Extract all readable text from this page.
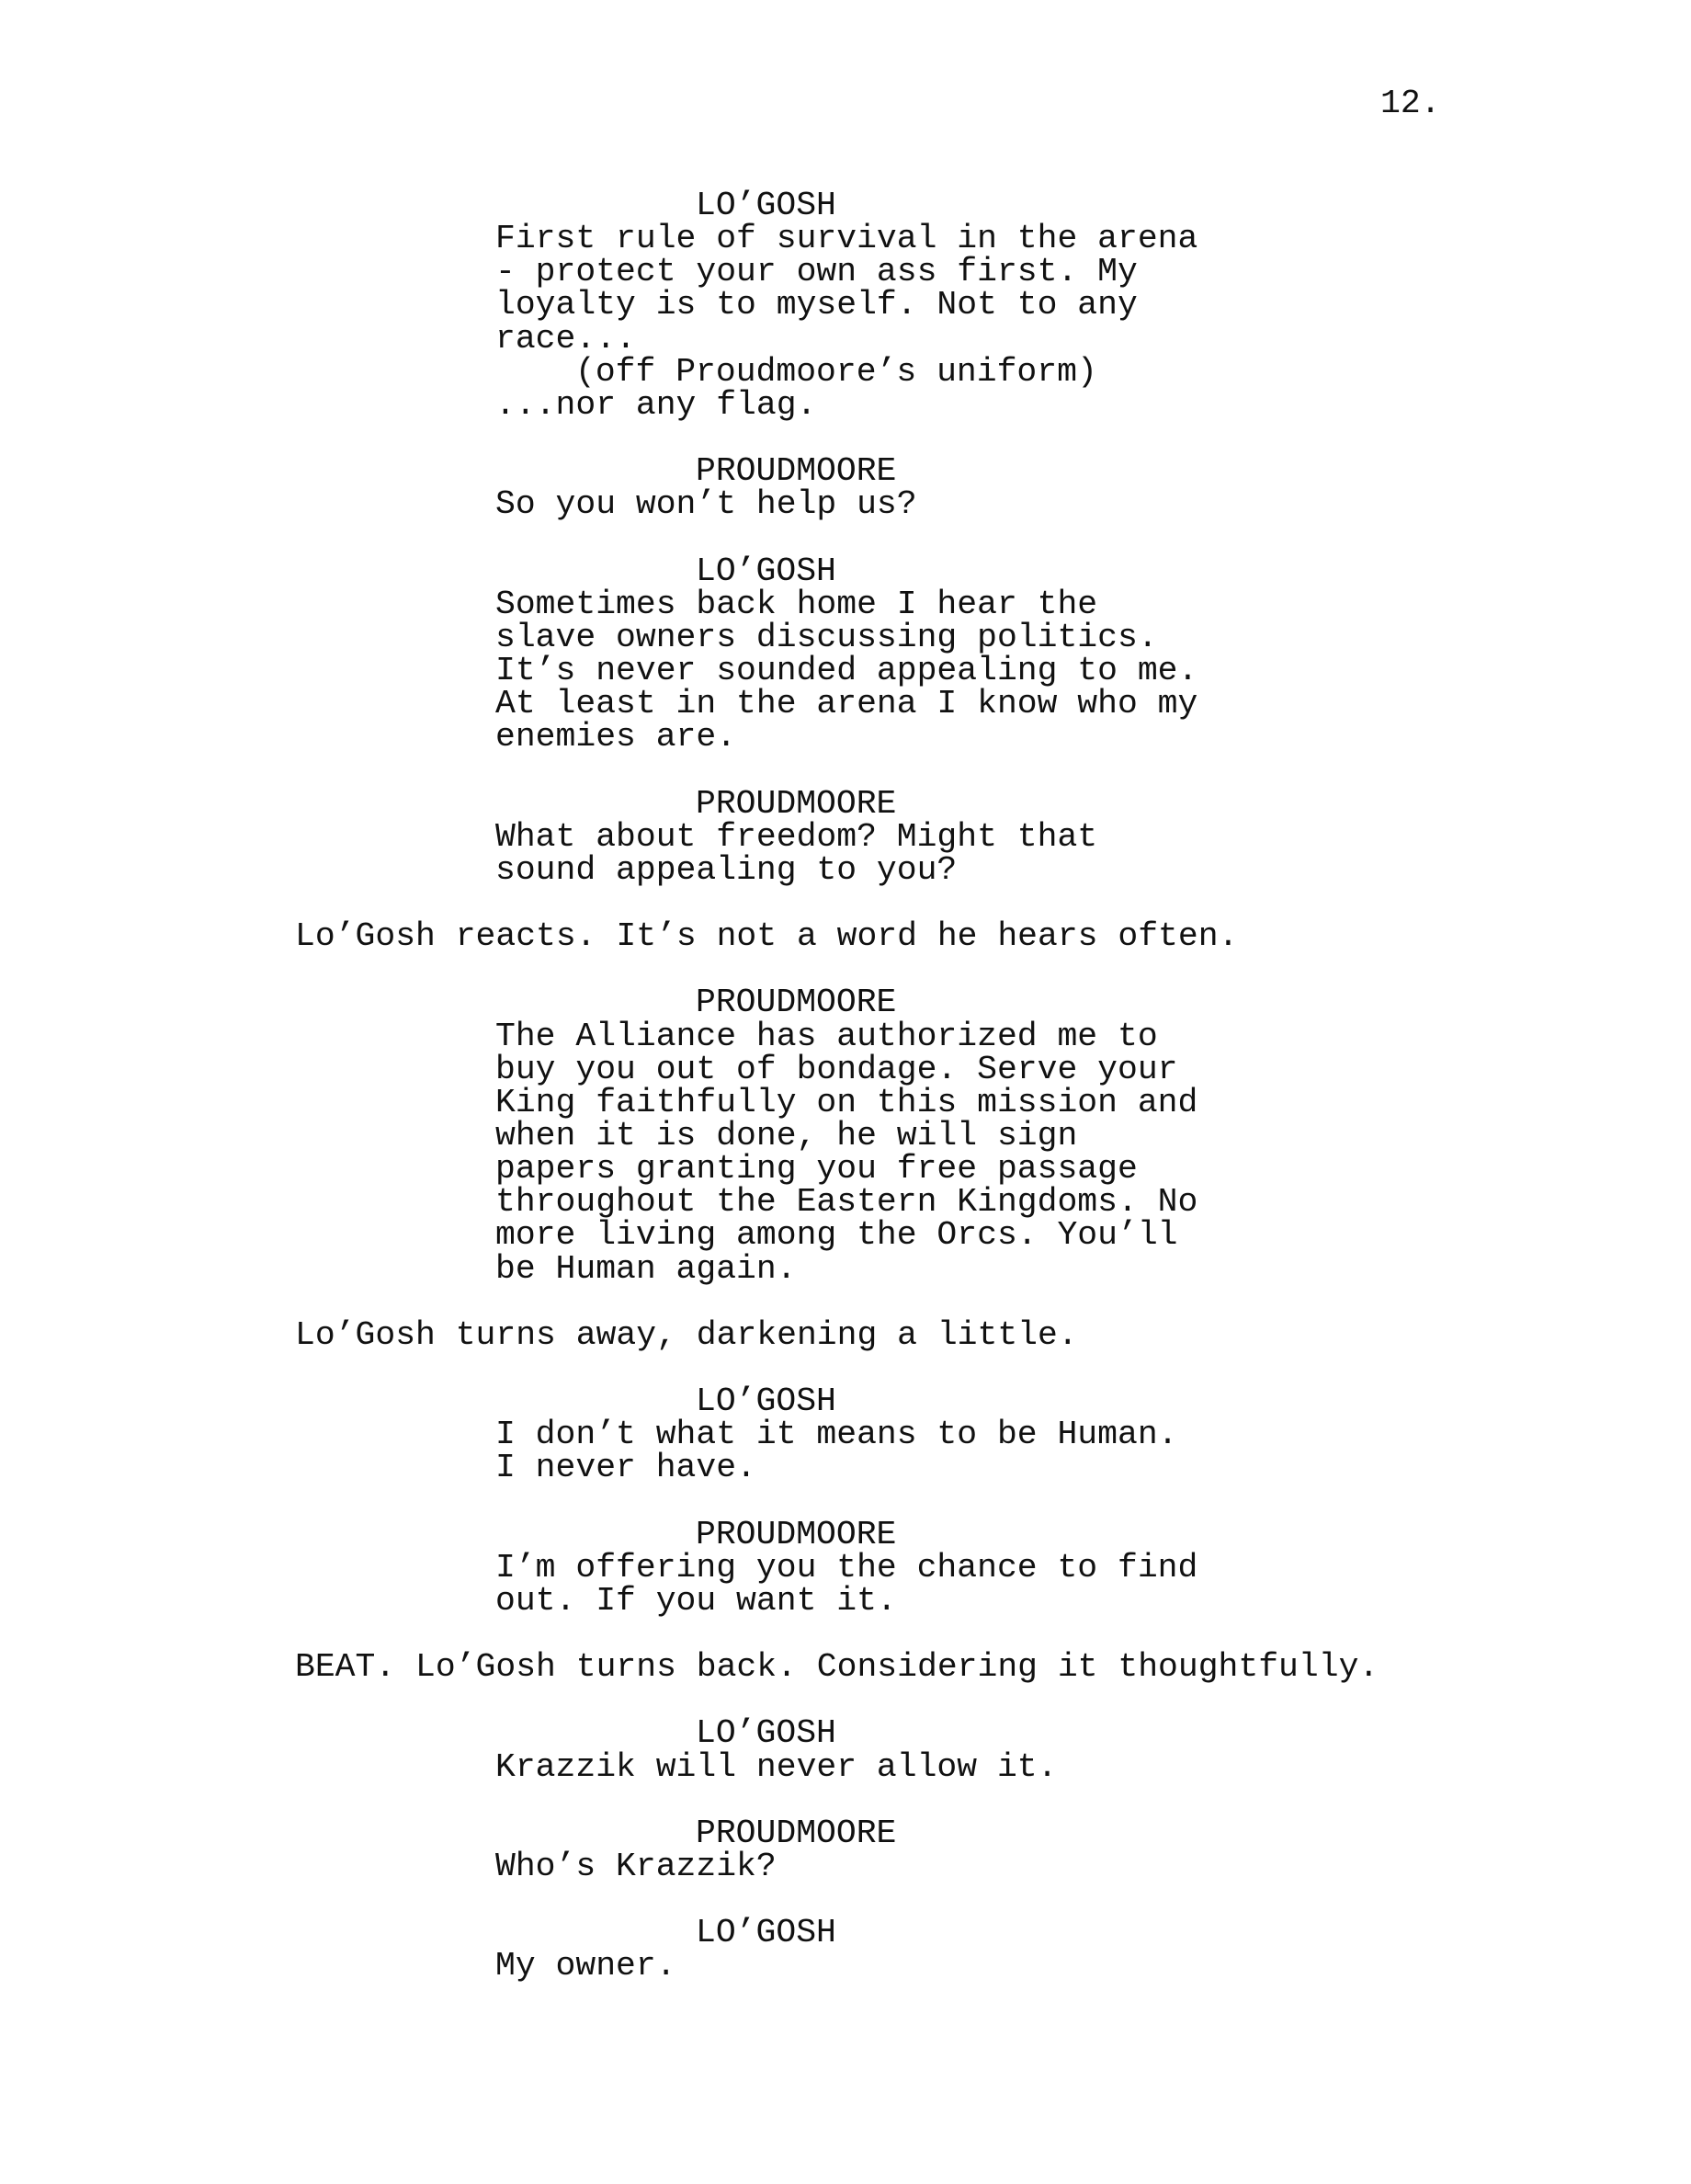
12.
LO’GOSH
First rule of survival in the arena
- protect your own ass first. My
loyalty is to myself. Not to any
race...
(off Proudmoore’s uniform)
...nor any flag.
PROUDMOORE
So you won’t help us?
LO’GOSH
Sometimes back home I hear the
slave owners discussing politics.
It’s never sounded appealing to me.
At least in the arena I know who my
enemies are.
PROUDMOORE
What about freedom? Might that
sound appealing to you?
Lo’Gosh reacts. It’s not a word he hears often.
PROUDMOORE
The Alliance has authorized me to
buy you out of bondage. Serve your
King faithfully on this mission and
when it is done, he will sign
papers granting you free passage
throughout the Eastern Kingdoms. No
more living among the Orcs. You’ll
be Human again.
Lo’Gosh turns away, darkening a little.
LO’GOSH
I don’t what it means to be Human.
I never have.
PROUDMOORE
I’m offering you the chance to find
out. If you want it.
BEAT. Lo’Gosh turns back. Considering it thoughtfully.
LO’GOSH
Krazzik will never allow it.
PROUDMOORE
Who’s Krazzik?
LO’GOSH
My owner.
